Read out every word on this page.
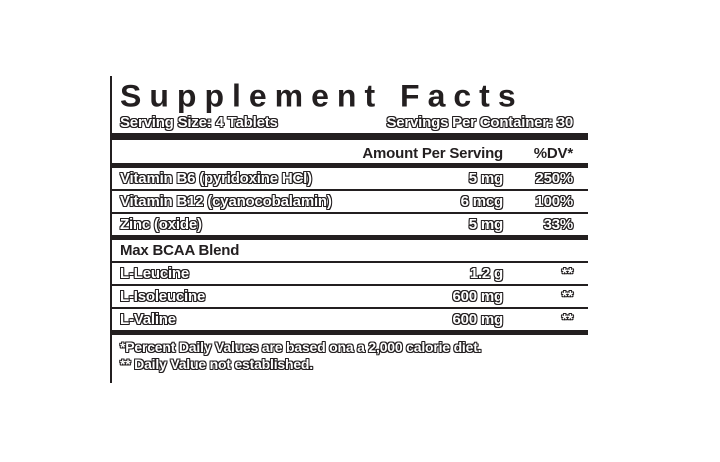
Supplement Facts
Serving Size: 4 Tablets	Servings Per Container: 30
Amount Per Serving	%DV*
Vitamin B6 (pyridoxine HCl)	5 mg	250%
Vitamin B12 (cyanocobalamin)	6 mcg	100%
Zinc (oxide)	5 mg	33%
Max BCAA Blend
L-Leucine	1.2 g	**
L-Isoleucine	600 mg	**
L-Valine	600 mg	**
*Percent Daily Values are based ona a 2,000 calorie diet.
** Daily Value not established.
